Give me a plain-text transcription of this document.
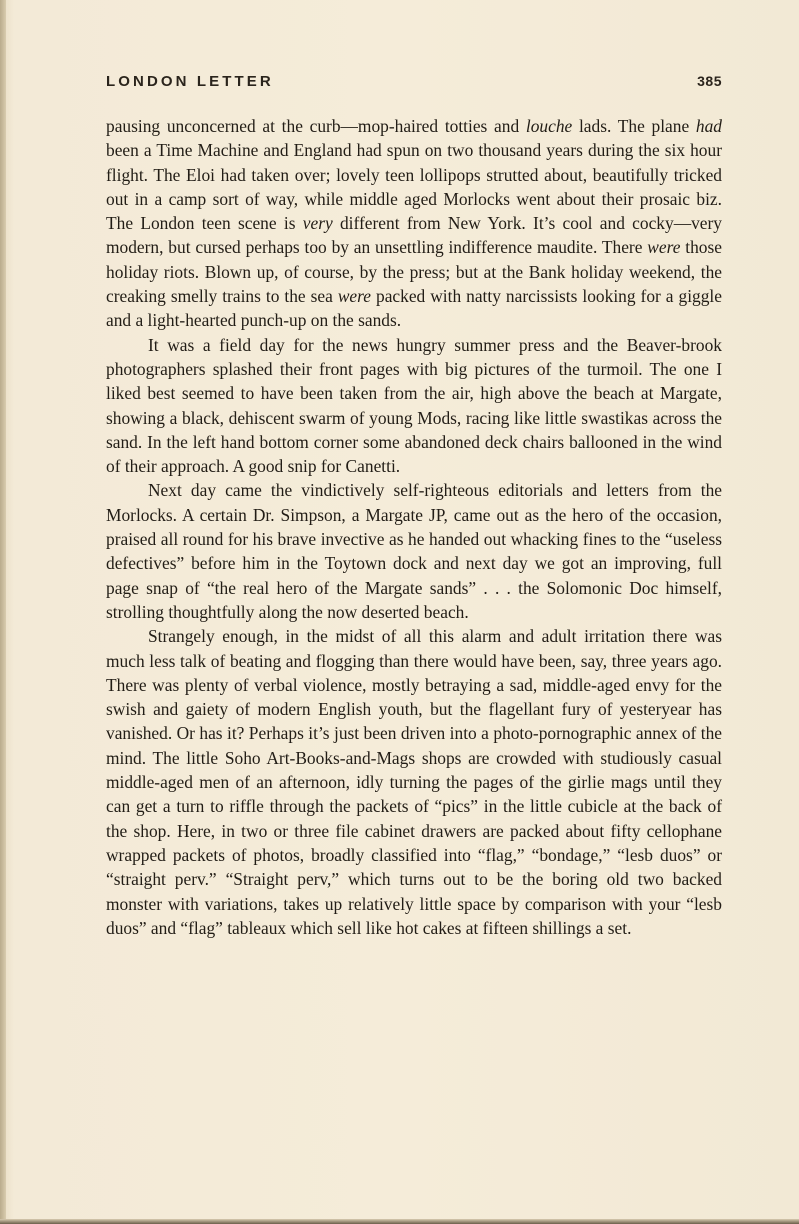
LONDON LETTER	385

pausing unconcerned at the curb—mop-haired totties and louche lads. The plane had been a Time Machine and England had spun on two thousand years during the six hour flight. The Eloi had taken over; lovely teen lollipops strutted about, beautifully tricked out in a camp sort of way, while middle aged Morlocks went about their prosaic biz. The London teen scene is very different from New York. It’s cool and cocky—very modern, but cursed perhaps too by an unsettling indifference maudite. There were those holiday riots. Blown up, of course, by the press; but at the Bank holiday weekend, the creaking smelly trains to the sea were packed with natty narcissists looking for a giggle and a light-hearted punch-up on the sands.

It was a field day for the news hungry summer press and the Beaver-brook photographers splashed their front pages with big pictures of the turmoil. The one I liked best seemed to have been taken from the air, high above the beach at Margate, showing a black, dehiscent swarm of young Mods, racing like little swastikas across the sand. In the left hand bottom corner some abandoned deck chairs ballooned in the wind of their approach. A good snip for Canetti.

Next day came the vindictively self-righteous editorials and letters from the Morlocks. A certain Dr. Simpson, a Margate JP, came out as the hero of the occasion, praised all round for his brave invective as he handed out whacking fines to the “useless defectives” before him in the Toytown dock and next day we got an improving, full page snap of “the real hero of the Margate sands” . . . the Solomonic Doc himself, strolling thoughtfully along the now deserted beach.

Strangely enough, in the midst of all this alarm and adult irritation there was much less talk of beating and flogging than there would have been, say, three years ago. There was plenty of verbal violence, mostly betraying a sad, middle-aged envy for the swish and gaiety of modern English youth, but the flagellant fury of yesteryear has vanished. Or has it? Perhaps it’s just been driven into a photo-pornographic annex of the mind. The little Soho Art-Books-and-Mags shops are crowded with studiously casual middle-aged men of an afternoon, idly turning the pages of the girlie mags until they can get a turn to riffle through the packets of “pics” in the little cubicle at the back of the shop. Here, in two or three file cabinet drawers are packed about fifty cellophane wrapped packets of photos, broadly classified into “flag,” “bondage,” “lesb duos” or “straight perv.” “Straight perv,” which turns out to be the boring old two backed monster with variations, takes up relatively little space by comparison with your “lesb duos” and “flag” tableaux which sell like hot cakes at fifteen shillings a set.
